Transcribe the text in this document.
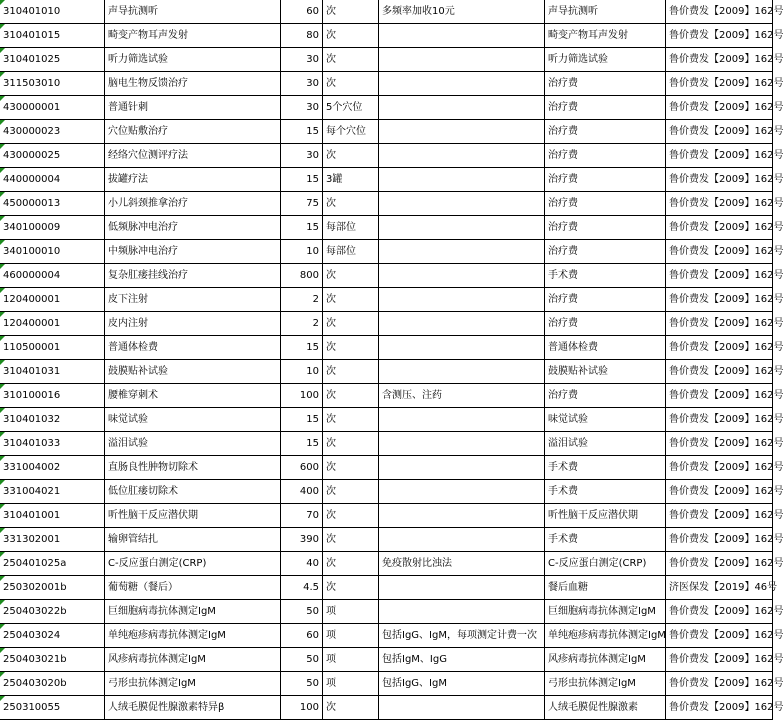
310401010	声导抗测听	60	次	多频率加收10元	声导抗测听	鲁价费发【2009】162号
310401015	畸变产物耳声发射	80	次		畸变产物耳声发射	鲁价费发【2009】162号
310401025	听力筛选试验	30	次		听力筛选试验	鲁价费发【2009】162号
311503010	脑电生物反馈治疗	30	次		治疗费	鲁价费发【2009】162号
430000001	普通针刺	30	5个穴位		治疗费	鲁价费发【2009】162号
430000023	穴位贴敷治疗	15	每个穴位		治疗费	鲁价费发【2009】162号
430000025	经络穴位测评疗法	30	次		治疗费	鲁价费发【2009】162号
440000004	拔罐疗法	15	3罐		治疗费	鲁价费发【2009】162号
450000013	小儿斜颈推拿治疗	75	次		治疗费	鲁价费发【2009】162号
340100009	低频脉冲电治疗	15	每部位		治疗费	鲁价费发【2009】162号
340100010	中频脉冲电治疗	10	每部位		治疗费	鲁价费发【2009】162号
460000004	复杂肛瘘挂线治疗	800	次		手术费	鲁价费发【2009】162号
120400001	皮下注射	2	次		治疗费	鲁价费发【2009】162号
120400001	皮内注射	2	次		治疗费	鲁价费发【2009】162号
110500001	普通体检费	15	次		普通体检费	鲁价费发【2009】162号
310401031	鼓膜贴补试验	10	次		鼓膜贴补试验	鲁价费发【2009】162号
310100016	腰椎穿刺术	100	次	含测压、注药	治疗费	鲁价费发【2009】162号
310401032	味觉试验	15	次		味觉试验	鲁价费发【2009】162号
310401033	溢泪试验	15	次		溢泪试验	鲁价费发【2009】162号
331004002	直肠良性肿物切除术	600	次		手术费	鲁价费发【2009】162号
331004021	低位肛瘘切除术	400	次		手术费	鲁价费发【2009】162号
310401001	听性脑干反应潜伏期	70	次		听性脑干反应潜伏期	鲁价费发【2009】162号
331302001	输卵管结扎	390	次		手术费	鲁价费发【2009】162号
250401025a	C-反应蛋白测定(CRP)	40	次	免疫散射比浊法	C-反应蛋白测定(CRP)	鲁价费发【2009】162号
250302001b	葡萄糖（餐后）	4.5	次		餐后血糖	济医保发【2019】46号
250403022b	巨细胞病毒抗体测定IgM	50	项		巨细胞病毒抗体测定IgM	鲁价费发【2009】162号
250403024	单纯疱疹病毒抗体测定IgM	60	项	包括IgG、IgM，每项测定计费一次	单纯疱疹病毒抗体测定IgM	鲁价费发【2009】162号
250403021b	风疹病毒抗体测定IgM	50	项	包括IgM、IgG	风疹病毒抗体测定IgM	鲁价费发【2009】162号
250403020b	弓形虫抗体测定IgM	50	项	包括IgG、IgM	弓形虫抗体测定IgM	鲁价费发【2009】162号
250310055	人绒毛膜促性腺激素特异β	100	次		人绒毛膜促性腺激素	鲁价费发【2009】162号
